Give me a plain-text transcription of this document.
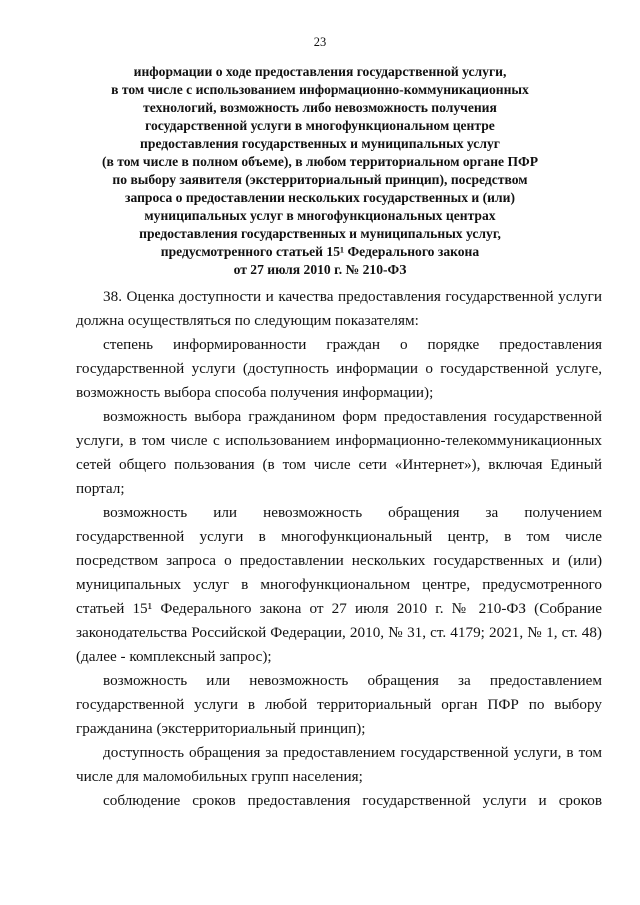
23
информации о ходе предоставления государственной услуги,
в том числе с использованием информационно-коммуникационных
технологий, возможность либо невозможность получения
государственной услуги в многофункциональном центре
предоставления государственных и муниципальных услуг
(в том числе в полном объеме), в любом территориальном органе ПФР
по выбору заявителя (экстерриториальный принцип), посредством
запроса о предоставлении нескольких государственных и (или)
муниципальных услуг в многофункциональных центрах
предоставления государственных и муниципальных услуг,
предусмотренного статьей 15¹ Федерального закона
от 27 июля 2010 г. № 210-ФЗ
38. Оценка доступности и качества предоставления государственной услуги
должна осуществляться по следующим показателям:
степень информированности граждан о порядке предоставления
государственной услуги (доступность информации о государственной услуге,
возможность выбора способа получения информации);
возможность выбора гражданином форм предоставления государственной
услуги, в том числе с использованием информационно-телекоммуникационных
сетей общего пользования (в том числе сети «Интернет»), включая Единый
портал;
возможность или невозможность обращения за получением
государственной услуги в многофункциональный центр, в том числе
посредством запроса о предоставлении нескольких государственных и (или)
муниципальных услуг в многофункциональном центре, предусмотренного
статьей 15¹ Федерального закона от 27 июля 2010 г. № 210-ФЗ (Собрание
законодательства Российской Федерации, 2010, № 31, ст. 4179; 2021, № 1, ст. 48)
(далее - комплексный запрос);
возможность или невозможность обращения за предоставлением
государственной услуги в любой территориальный орган ПФР по выбору
гражданина (экстерриториальный принцип);
доступность обращения за предоставлением государственной услуги, в том
числе для маломобильных групп населения;
соблюдение сроков предоставления государственной услуги и сроков
